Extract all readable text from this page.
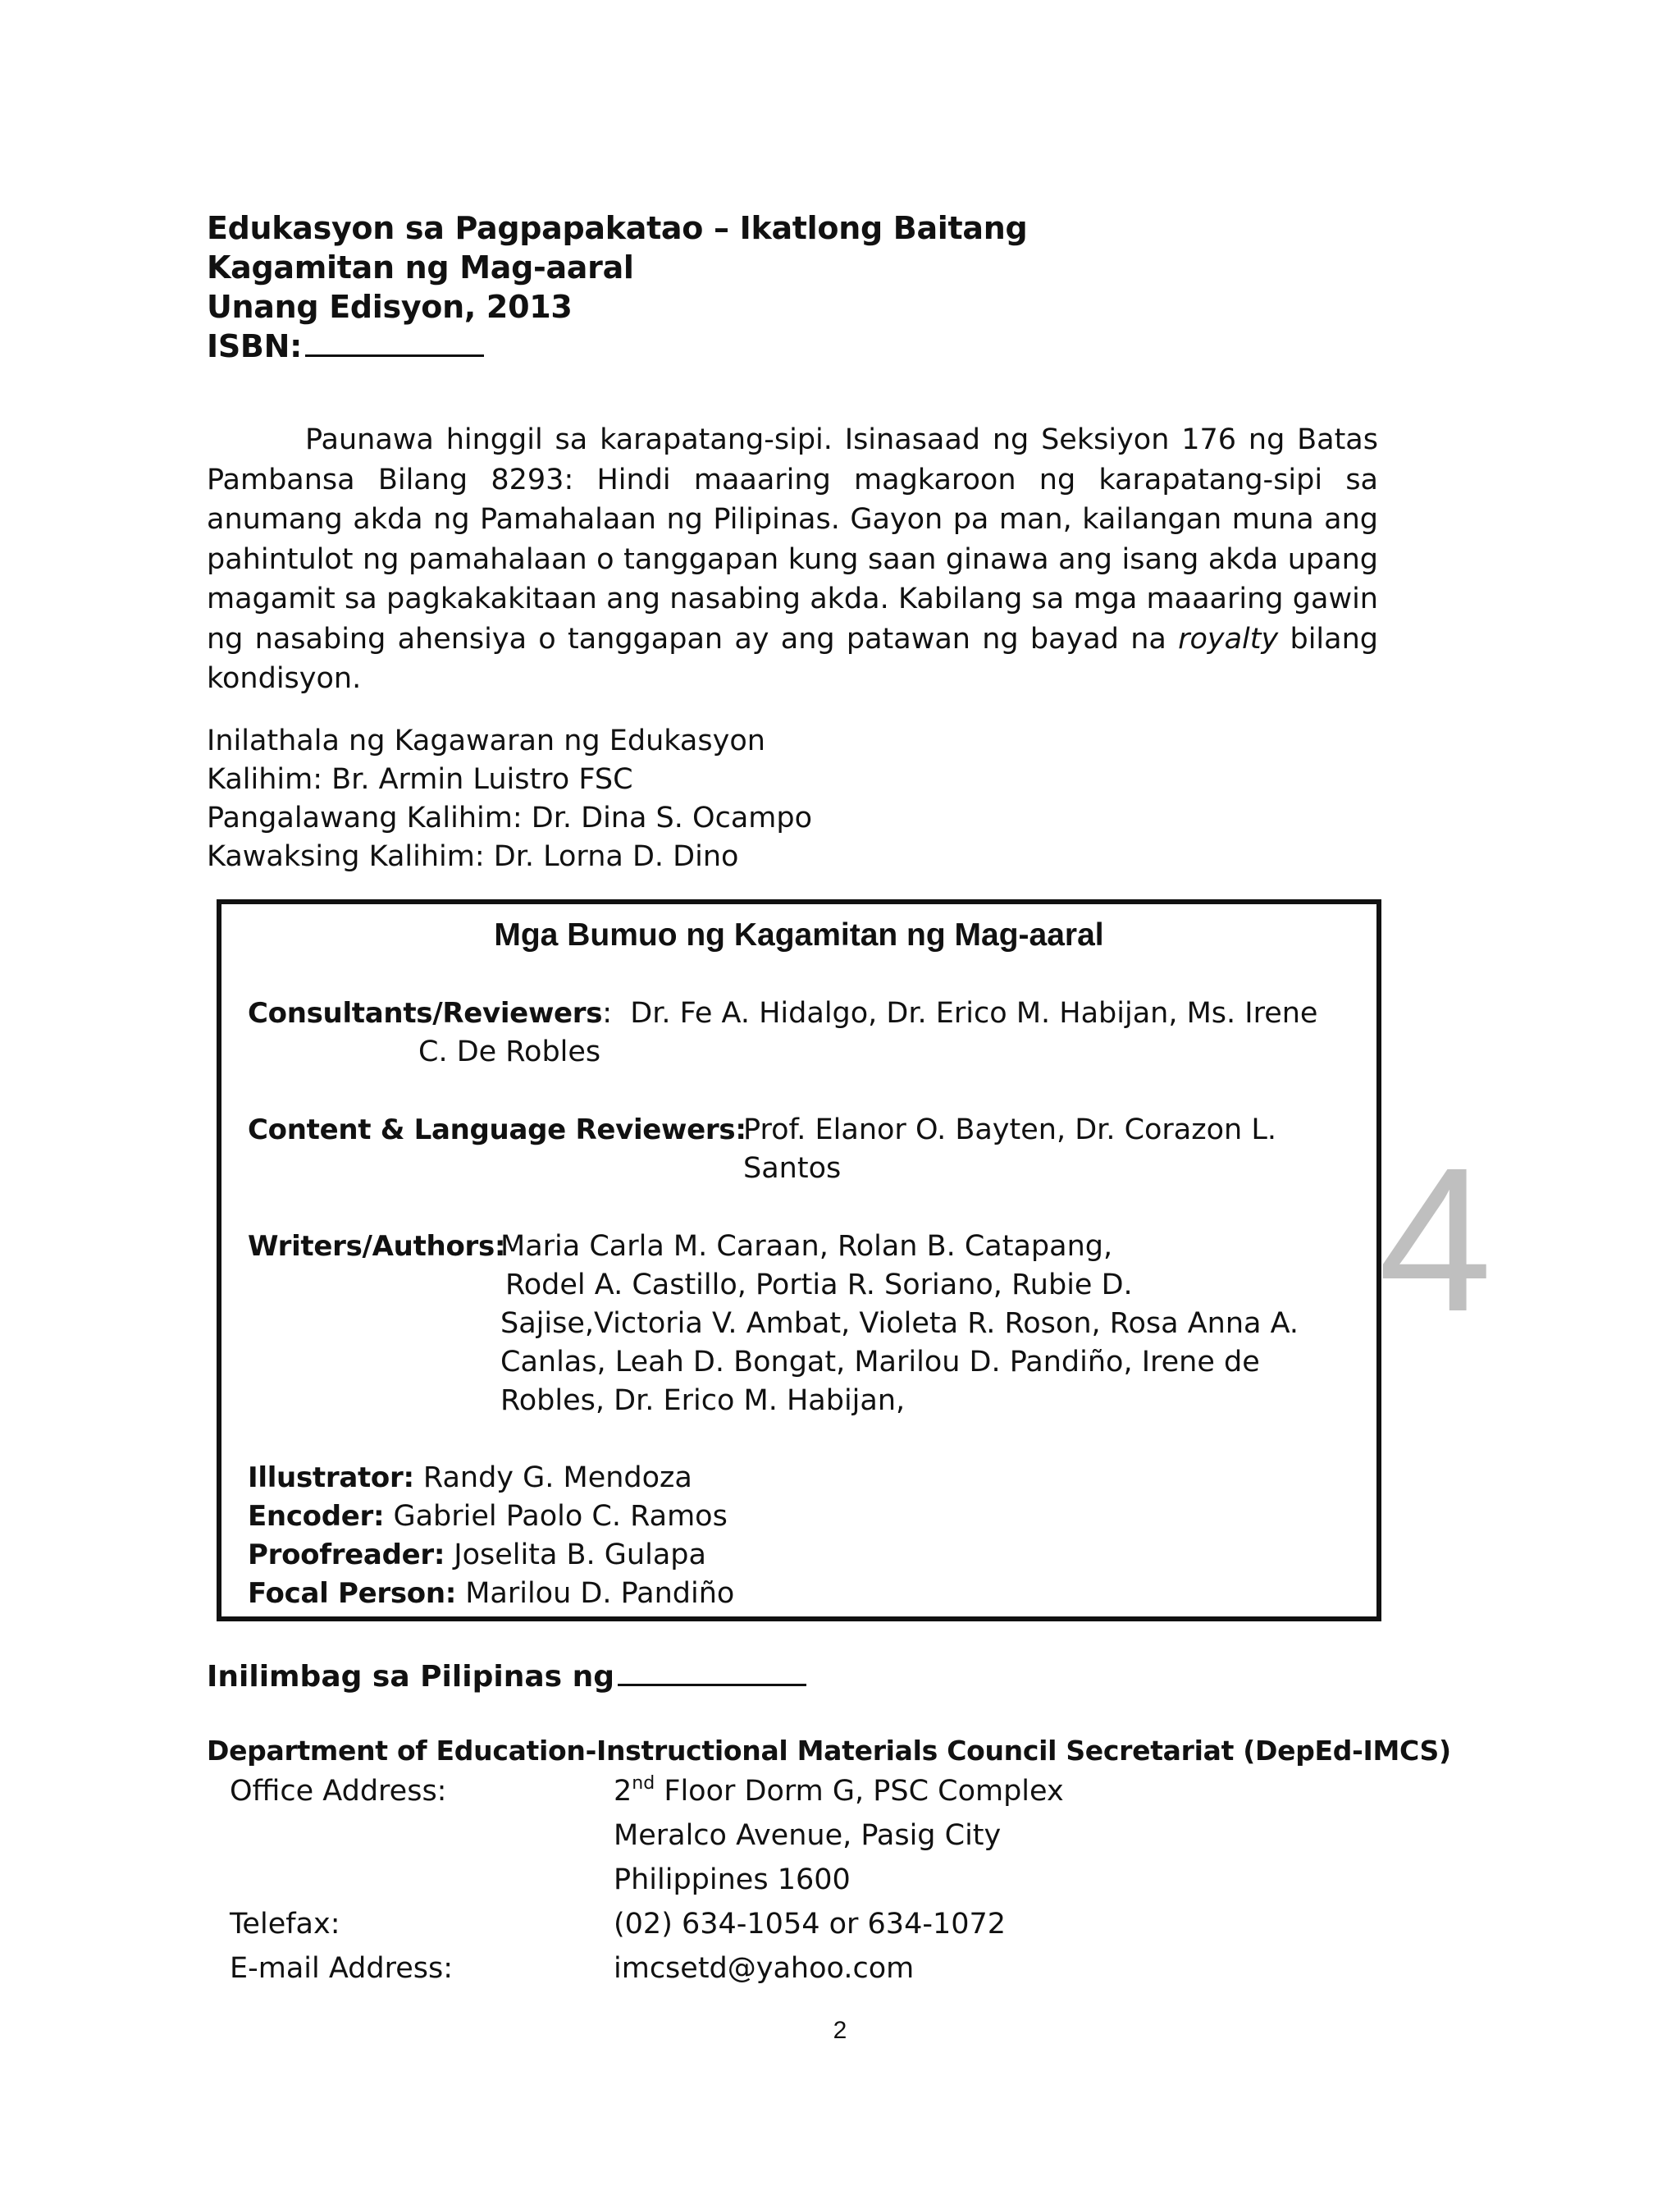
Edukasyon sa Pagpapakatao – Ikatlong Baitang
Kagamitan ng Mag-aaral
Unang Edisyon, 2013
ISBN:

Paunawa hinggil sa karapatang-sipi. Isinasaad ng Seksiyon 176 ng Batas Pambansa Bilang 8293: Hindi maaaring magkaroon ng karapatang-sipi sa anumang akda ng Pamahalaan ng Pilipinas. Gayon pa man, kailangan muna ang pahintulot ng pamahalaan o tanggapan kung saan ginawa ang isang akda upang magamit sa pagkakakitaan ang nasabing akda. Kabilang sa mga maaaring gawin ng nasabing ahensiya o tanggapan ay ang patawan ng bayad na royalty bilang kondisyon.

Inilathala ng Kagawaran ng Edukasyon

Kalihim: Br. Armin Luistro FSC

Pangalawang Kalihim: Dr. Dina S. Ocampo

Kawaksing Kalihim: Dr. Lorna D. Dino

Mga Bumuo ng Kagamitan ng Mag-aaral
Consultants/Reviewers: Dr. Fe A. Hidalgo, Dr. Erico M. Habijan, Ms. Irene
C. De Robles
Content & Language Reviewers:
Prof. Elanor O. Bayten, Dr. Corazon L.
Santos
Writers/Authors:
Maria Carla M. Caraan, Rolan B. Catapang,
Rodel A. Castillo, Portia R. Soriano, Rubie D.
Sajise,Victoria V. Ambat, Violeta R. Roson, Rosa Anna A.
Canlas, Leah D. Bongat, Marilou D. Pandiño, Irene de
Robles, Dr. Erico M. Habijan,
Illustrator: Randy G. Mendoza
Encoder: Gabriel Paolo C. Ramos
Proofreader: Joselita B. Gulapa
Focal Person: Marilou D. Pandiño
4

Inilimbag sa Pilipinas ng

Department of Education-Instructional Materials Council Secretariat (DepEd-IMCS)

Office Address:	2nd Floor Dorm G, PSC Complex
Meralco Avenue, Pasig City
Philippines 1600
Telefax:	(02) 634-1054 or 634-1072
E-mail Address:	imcsetd@yahoo.com
2
